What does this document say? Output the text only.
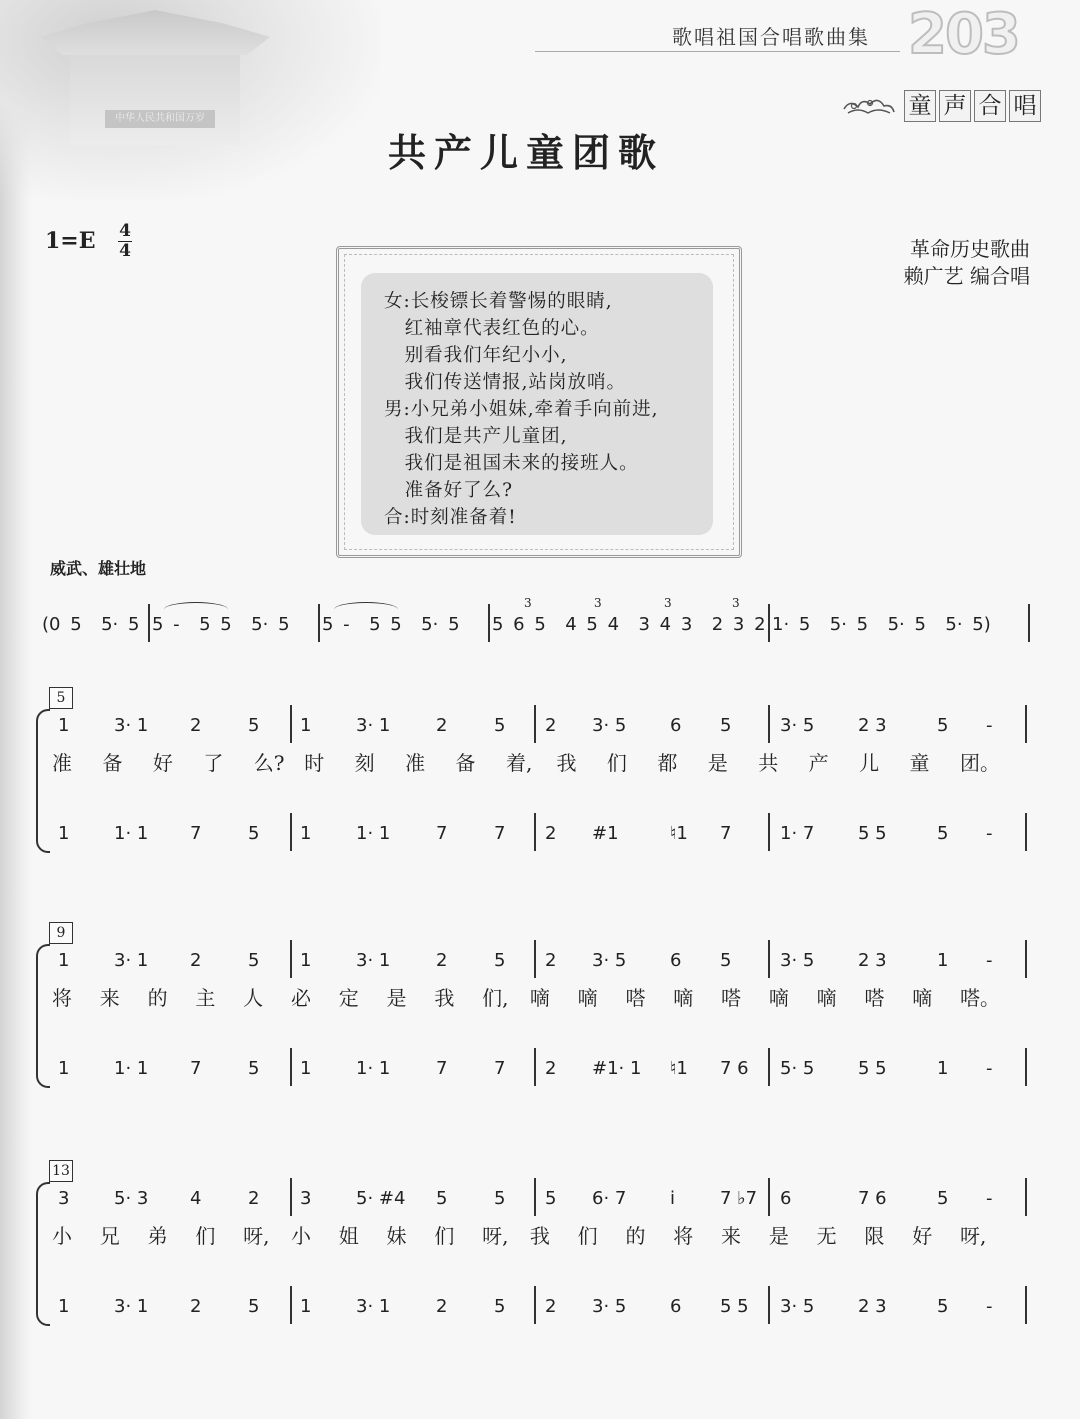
中华人民共和国万岁
歌唱祖国合唱歌曲集 203
童 声 合 唱
共产儿童团歌
1=E 4
4	革命历史歌曲
赖广艺 编合唱
女:长梭镖长着警惕的眼睛,
红袖章代表红色的心。
别看我们年纪小小,
我们传送情报,站岗放哨。
男:小兄弟小姐妹,牵着手向前进,
我们是共产儿童团,
我们是祖国未来的接班人。
准备好了么?
合:时刻准备着!
威武、雄壮地
(0 5  5· 5 5 -  5 5  5· 5 5 -  5 5  5· 5 5 6 5  4 5 4  3 4 3  2 3 2 1· 5  5· 5  5· 5  5· 5)
3	3	3	3
5
1 3· 1 2	5 1 3· 1	2	5 2 3· 5 6 5	3· 5 2 3	5 -
1 1· 1 7	5 1 1· 1	7	7 2 #1	♮1 7	1· 7 5 5	5 -
准 备 好 了 么? 时 刻 准 备 着, 我 们 都 是 共 产 儿 童 团。
9
1 3· 1 2	5 1 3· 1	2	5 2 3· 5 6 5	3· 5 2 3	1 -
1 1· 1 7	5 1 1· 1	7	7 2 #1· 1 ♮1 7 6 5· 5 5 5	1 -
将 来 的 主 人 必 定 是 我 们, 嘀 嘀 嗒 嘀 嗒 嘀 嘀 嗒 嘀 嗒。
13
3 5· 3 4	2 3 5· #4 5	5 5 6· 7 i 7 ♭7 6	7 6	5 -
1 3· 1 2	5 1 3· 1	2	5 2 3· 5 6 5 5 3· 5 2 3	5 -
小 兄 弟 们 呀, 小 姐 妹 们 呀, 我 们 的 将 来 是 无 限 好 呀,
